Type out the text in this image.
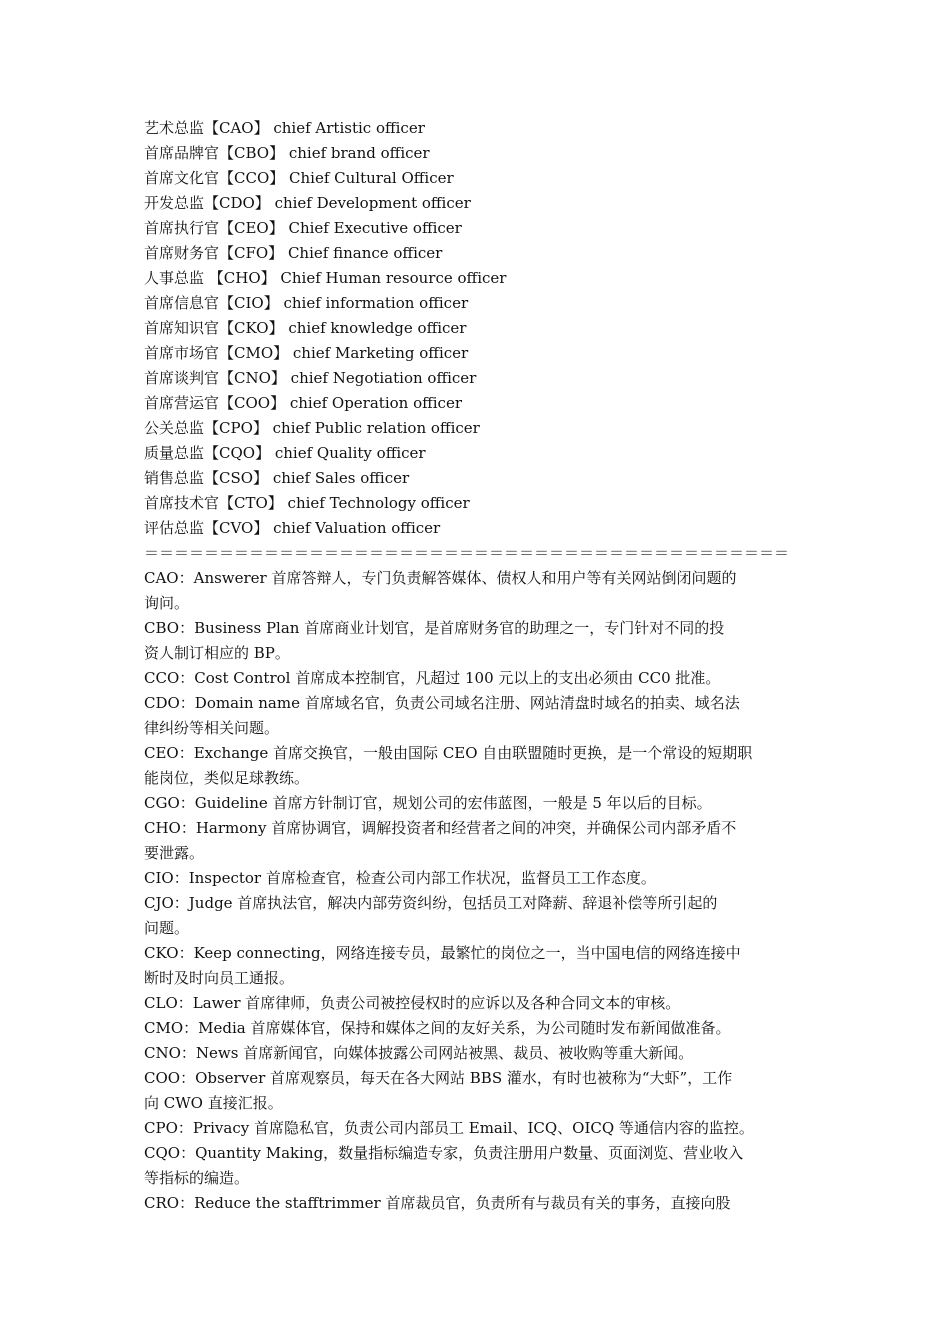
艺术总监【CAO】 chief Artistic officer
首席品牌官【CBO】 chief brand officer
首席文化官【CCO】 Chief Cultural Officer
开发总监【CDO】 chief Development officer
首席执行官【CEO】 Chief Executive officer
首席财务官【CFO】 Chief finance officer
人事总监 【CHO】 Chief Human resource officer
首席信息官【CIO】 chief information officer
首席知识官【CKO】 chief knowledge officer
首席市场官【CMO】 chief Marketing officer
首席谈判官【CNO】 chief Negotiation officer
首席营运官【COO】 chief Operation officer
公关总监【CPO】 chief Public relation officer
质量总监【CQO】 chief Quality officer
销售总监【CSO】 chief Sales officer
首席技术官【CTO】 chief Technology officer
评估总监【CVO】 chief Valuation officer
＝＝＝＝＝＝＝＝＝＝＝＝＝＝＝＝＝＝＝＝＝＝＝＝＝＝＝＝＝＝＝＝＝＝＝＝＝＝＝＝＝＝＝
CAO：Answerer 首席答辩人，专门负责解答媒体、债权人和用户等有关网站倒闭问题的
询问。
CBO：Business Plan 首席商业计划官，是首席财务官的助理之一，专门针对不同的投
资人制订相应的 BP。
CCO：Cost Control 首席成本控制官，凡超过 100 元以上的支出必须由 CC0 批准。
CDO：Domain name 首席域名官，负责公司域名注册、网站清盘时域名的拍卖、域名法
律纠纷等相关问题。
CEO：Exchange 首席交换官，一般由国际 CEO 自由联盟随时更换，是一个常设的短期职
能岗位，类似足球教练。
CGO：Guideline 首席方针制订官，规划公司的宏伟蓝图，一般是 5 年以后的目标。
CHO：Harmony 首席协调官，调解投资者和经营者之间的冲突，并确保公司内部矛盾不
要泄露。
CIO：Inspector 首席检查官，检查公司内部工作状况，监督员工工作态度。
CJO：Judge 首席执法官，解决内部劳资纠纷，包括员工对降薪、辞退补偿等所引起的
问题。
CKO：Keep connecting，网络连接专员，最繁忙的岗位之一，当中国电信的网络连接中
断时及时向员工通报。
CLO：Lawer 首席律师，负责公司被控侵权时的应诉以及各种合同文本的审核。
CMO：Media 首席媒体官，保持和媒体之间的友好关系，为公司随时发布新闻做准备。
CNO：News 首席新闻官，向媒体披露公司网站被黑、裁员、被收购等重大新闻。
COO：Observer 首席观察员，每天在各大网站 BBS 灌水，有时也被称为“大虾”，工作
向 CWO 直接汇报。
CPO：Privacy 首席隐私官，负责公司内部员工 Email、ICQ、OICQ 等通信内容的监控。
CQO：Quantity Making，数量指标编造专家，负责注册用户数量、页面浏览、营业收入
等指标的编造。
CRO：Reduce the stafftrimmer 首席裁员官，负责所有与裁员有关的事务，直接向股
